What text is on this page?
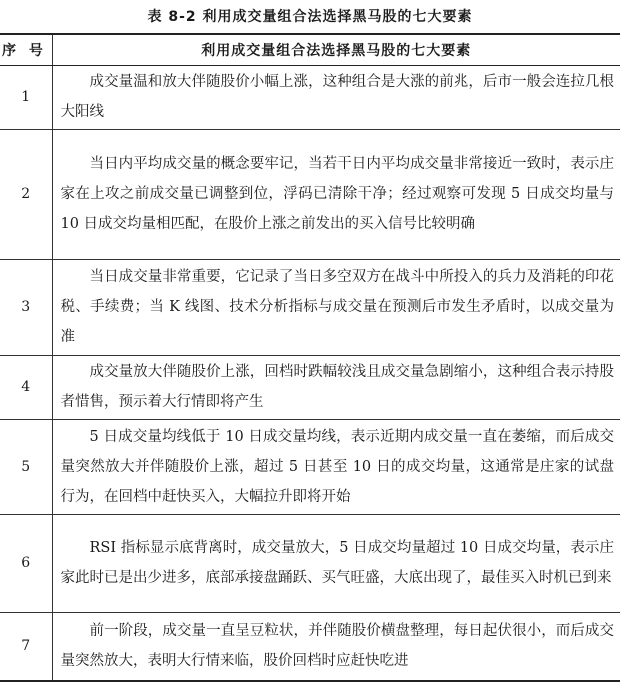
表 8-2 利用成交量组合法选择黑马股的七大要素
序 号	利用成交量组合法选择黑马股的七大要素
1	成交量温和放大伴随股价小幅上涨，这种组合是大涨的前兆，后市一般会连拉几根大阳线

2	当日内平均成交量的概念要牢记，当若干日内平均成交量非常接近一致时，表示庄家在上攻之前成交量已调整到位，浮码已清除干净；经过观察可发现 5 日成交均量与 10 日成交均量相匹配，在股价上涨之前发出的买入信号比较明确

3	当日成交量非常重要，它记录了当日多空双方在战斗中所投入的兵力及消耗的印花税、手续费；当 K 线图、技术分析指标与成交量在预测后市发生矛盾时，以成交量为准

4	成交量放大伴随股价上涨，回档时跌幅较浅且成交量急剧缩小，这种组合表示持股者惜售，预示着大行情即将产生

5	5 日成交量均线低于 10 日成交量均线，表示近期内成交量一直在萎缩，而后成交量突然放大并伴随股价上涨，超过 5 日甚至 10 日的成交均量，这通常是庄家的试盘行为，在回档中赶快买入，大幅拉升即将开始

6	RSI 指标显示底背离时，成交量放大，5 日成交均量超过 10 日成交均量，表示庄家此时已是出少进多，底部承接盘踊跃、买气旺盛，大底出现了，最佳买入时机已到来

7	前一阶段，成交量一直呈豆粒状，并伴随股价横盘整理，每日起伏很小，而后成交量突然放大，表明大行情来临，股价回档时应赶快吃进
